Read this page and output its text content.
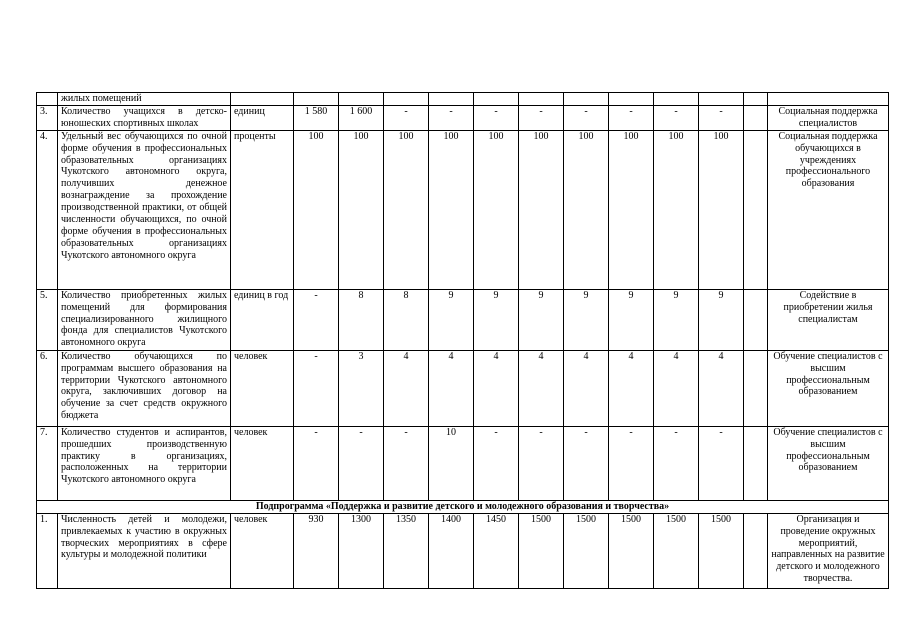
	жилых помещений													
3.	Количество учащихся в детско-юношеских спортивных школах	единиц	1 580	1 600	-	-	-	-	-	-	-	-		Социальная поддержка специалистов
4.	Удельный вес обучающихся по очной форме обучения в профессиональных образовательных организациях Чукотского автономного округа, получивших денежное вознаграждение за прохождение производственной практики, от общей численности обучающихся, по очной форме обучения в профессиональных образовательных организациях Чукотского автономного округа	проценты	100	100	100	100	100	100	100	100	100	100		Социальная поддержка обучающихся в учреждениях профессионального образования
5.	Количество приобретенных жилых помещений для формирования специализированного жилищного фонда для специалистов Чукотского автономного округа	единиц в год	-	8	8	9	9	9	9	9	9	9		Содействие в приобретении жилья специалистам
6.	Количество обучающихся по программам высшего образования на территории Чукотского автономного округа, заключивших договор на обучение за счет средств окружного бюджета	человек	-	3	4	4	4	4	4	4	4	4		Обучение специалистов с высшим профессиональным образованием
7.	Количество студентов и аспирантов, прошедших производственную практику в организациях, расположенных на территории Чукотского автономного округа	человек	-	-	-	10	-	-	-	-	-	-		Обучение специалистов с высшим профессиональным образованием
Подпрограмма «Поддержка и развитие детского и молодежного образования и творчества»														
1.	Численность детей и молодежи, привлекаемых к участию в окружных творческих мероприятиях в сфере культуры и молодежной политики	человек	930	1300	1350	1400	1450	1500	1500	1500	1500	1500		Организация и проведение окружных мероприятий, направленных на развитие детского и молодежного творчества.
